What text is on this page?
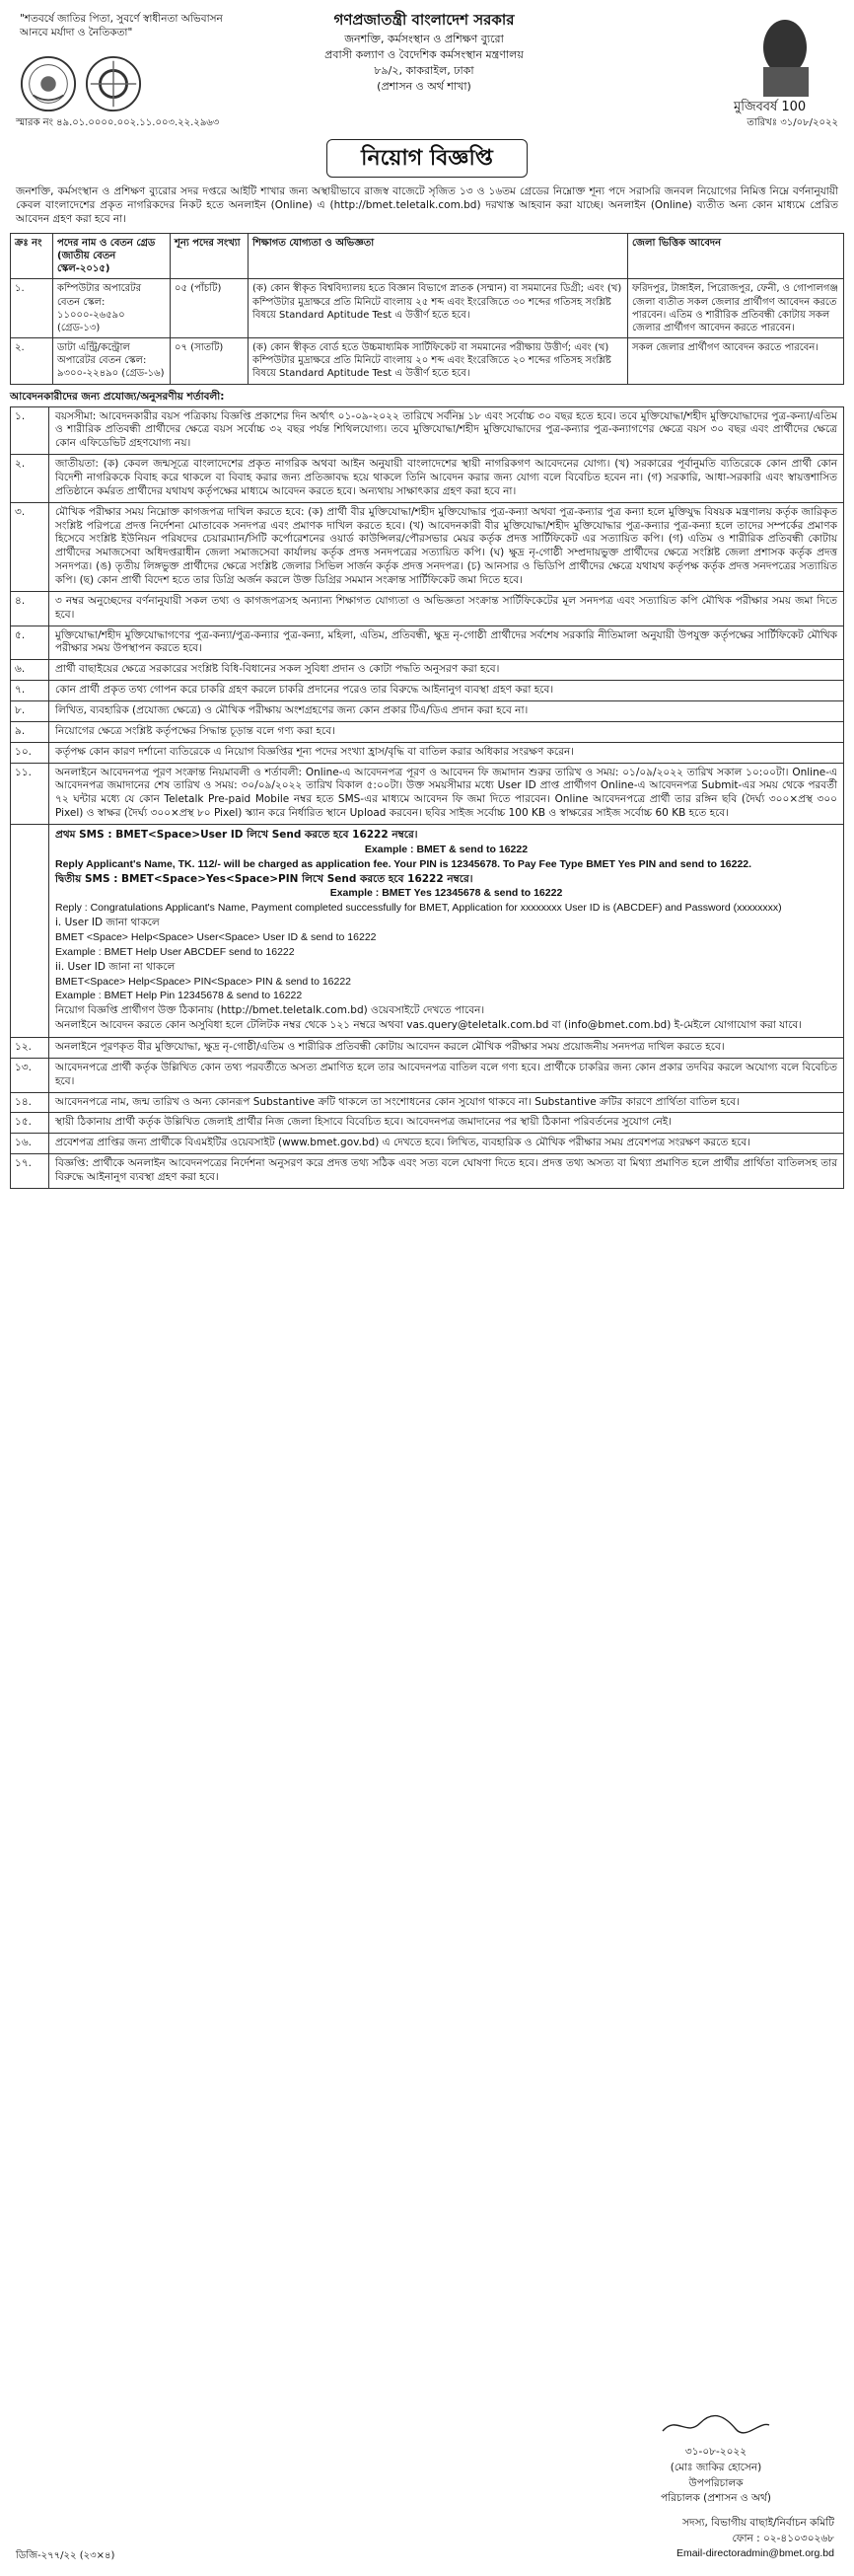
"শতবর্ষে জাতির পিতা, সুবর্ণে স্বাধীনতা অভিবাসন আনবে মর্যাদা ও নৈতিকতা"
গণপ্রজাতন্ত্রী বাংলাদেশ সরকার
জনশক্তি, কর্মসংস্থান ও প্রশিক্ষণ ব্যুরো
প্রবাসী কল্যাণ ও বৈদেশিক কর্মসংস্থান মন্ত্রণালয়
৮৯/২, কাকরাইল, ঢাকা
(প্রশাসন ও অর্থ শাখা)
মুজিববর্ষ 100
স্মারক নং ৪৯.০১.০০০০.০০২.১১.০০৩.২২.২৯৬৩	তারিখঃ ৩১/০৮/২০২২
নিয়োগ বিজ্ঞপ্তি

জনশক্তি, কর্মসংস্থান ও প্রশিক্ষণ ব্যুরোর সদর দপ্তরে আইটি শাখার জন্য অস্থায়ীভাবে রাজস্ব বাজেটে সৃজিত ১৩ ও ১৬তম গ্রেডের নিম্নোক্ত শূন্য পদে সরাসরি জনবল নিয়োগের নিমিত্ত নিম্নে বর্ণনানুযায়ী কেবল বাংলাদেশের প্রকৃত নাগরিকদের নিকট হতে অনলাইন (Online) এ (http://bmet.teletalk.com.bd) দরখাস্ত আহবান করা যাচ্ছে। অনলাইন (Online) ব্যতীত অন্য কোন মাধ্যমে প্রেরিত আবেদন গ্রহণ করা হবে না।

ক্রঃ নং	পদের নাম ও বেতন গ্রেড (জাতীয় বেতন স্কেল-২০১৫)	শূন্য পদের সংখ্যা	শিক্ষাগত যোগ্যতা ও অভিজ্ঞতা	জেলা ভিত্তিক আবেদন
১.	কম্পিউটার অপারেটর বেতন স্কেল: ১১০০০-২৬৫৯০ (গ্রেড-১৩)	০৫ (পাঁচটি)	(ক) কোন স্বীকৃত বিশ্ববিদ্যালয় হতে বিজ্ঞান বিভাগে স্নাতক (সম্মান) বা সমমানের ডিগ্রী; এবং (খ) কম্পিউটার মুদ্রাক্ষরে প্রতি মিনিটে বাংলায় ২৫ শব্দ এবং ইংরেজিতে ৩০ শব্দের গতিসহ সংশ্লিষ্ট বিষয়ে Standard Aptitude Test এ উত্তীর্ণ হতে হবে।	ফরিদপুর, টাঙ্গাইল, পিরোজপুর, ফেনী, ও গোপালগঞ্জ জেলা ব্যতীত সকল জেলার প্রার্থীগণ আবেদন করতে পারবেন। এতিম ও শারীরিক প্রতিবন্ধী কোটায় সকল জেলার প্রার্থীগণ আবেদন করতে পারবেন।
২.	ডাটা এন্ট্রি/কন্ট্রোল অপারেটর বেতন স্কেল: ৯৩০০-২২৪৯০ (গ্রেড-১৬)	০৭ (সাতটি)	(ক) কোন স্বীকৃত বোর্ড হতে উচ্চমাধ্যমিক সার্টিফিকেট বা সমমানের পরীক্ষায় উত্তীর্ণ; এবং (খ) কম্পিউটার মুদ্রাক্ষরে প্রতি মিনিটে বাংলায় ২০ শব্দ এবং ইংরেজিতে ২০ শব্দের গতিসহ সংশ্লিষ্ট বিষয়ে Standard Aptitude Test এ উত্তীর্ণ হতে হবে।	সকল জেলার প্রার্থীগণ আবেদন করতে পারবেন।
আবেদনকারীদের জন্য প্রযোজ্য/অনুসরণীয় শর্তাবলী:
১.	বয়সসীমা: আবেদনকারীর বয়স পত্রিকায় বিজ্ঞপ্তি প্রকাশের দিন অর্থাৎ ০১-০৯-২০২২ তারিখে সর্বনিম্ন ১৮ এবং সর্বোচ্চ ৩০ বছর হতে হবে। তবে মুক্তিযোদ্ধা/শহীদ মুক্তিযোদ্ধাদের পুত্র-কন্যা/এতিম ও শারীরিক প্রতিবন্ধী প্রার্থীদের ক্ষেত্রে বয়স সর্বোচ্চ ৩২ বছর পর্যন্ত শিথিলযোগ্য। তবে মুক্তিযোদ্ধা/শহীদ মুক্তিযোদ্ধাদের পুত্র-কন্যার পুত্র-কন্যাগণের ক্ষেত্রে বয়স ৩০ বছর এবং প্রার্থীদের ক্ষেত্রে কোন এফিডেভিট গ্রহণযোগ্য নয়।
২.	জাতীয়তা: (ক) কেবল জন্মসূত্রে বাংলাদেশের প্রকৃত নাগরিক অথবা আইন অনুযায়ী বাংলাদেশের স্থায়ী নাগরিকগণ আবেদনের যোগ্য। (খ) সরকারের পূর্বানুমতি ব্যতিরেকে কোন প্রার্থী কোন বিদেশী নাগরিককে বিবাহ করে থাকলে বা বিবাহ করার জন্য প্রতিজ্ঞাবদ্ধ হয়ে থাকলে তিনি আবেদন করার জন্য যোগ্য বলে বিবেচিত হবেন না। (গ) সরকারি, আধা-সরকারি এবং স্বায়ত্তশাসিত প্রতিষ্ঠানে কর্মরত প্রার্থীদের যথাযথ কর্তৃপক্ষের মাধ্যমে আবেদন করতে হবে। অন্যথায় সাক্ষাৎকার গ্রহণ করা হবে না।
৩.	মৌখিক পরীক্ষার সময় নিম্নোক্ত কাগজপত্র দাখিল করতে হবে: (ক) প্রার্থী বীর মুক্তিযোদ্ধা/শহীদ মুক্তিযোদ্ধার পুত্র-কন্যা অথবা পুত্র-কন্যার পুত্র কন্যা হলে মুক্তিযুদ্ধ বিষয়ক মন্ত্রণালয় কর্তৃক জারিকৃত সংশ্লিষ্ট পরিপত্রে প্রদত্ত নির্দেশনা মোতাবেক সনদপত্র এবং প্রমাণক দাখিল করতে হবে। (খ) আবেদনকারী বীর মুক্তিযোদ্ধা/শহীদ মুক্তিযোদ্ধার পুত্র-কন্যার পুত্র-কন্যা হলে তাদের সম্পর্কের প্রমাণক হিসেবে সংশ্লিষ্ট ইউনিয়ন পরিষদের চেয়ারম্যান/সিটি কর্পোরেশনের ওয়ার্ড কাউন্সিলর/পৌরসভার মেয়র কর্তৃক প্রদত্ত সার্টিফিকেট এর সত্যায়িত কপি। (গ) এতিম ও শারীরিক প্রতিবন্ধী কোটায় প্রার্থীদের সমাজসেবা অধিদপ্তরাধীন জেলা সমাজসেবা কার্যালয় কর্তৃক প্রদত্ত সনদপত্রের সত্যায়িত কপি। (ঘ) ক্ষুদ্র নৃ-গোষ্ঠী সম্প্রদায়ভুক্ত প্রার্থীদের ক্ষেত্রে সংশ্লিষ্ট জেলা প্রশাসক কর্তৃক প্রদত্ত সনদপত্র। (ঙ) তৃতীয় লিঙ্গভুক্ত প্রার্থীদের ক্ষেত্রে সংশ্লিষ্ট জেলার সিভিল সার্জন কর্তৃক প্রদত্ত সনদপত্র। (চ) আনসার ও ভিডিপি প্রার্থীদের ক্ষেত্রে যথাযথ কর্তৃপক্ষ কর্তৃক প্রদত্ত সনদপত্রের সত্যায়িত কপি। (ছ) কোন প্রার্থী বিদেশ হতে তার ডিগ্রি অর্জন করলে উক্ত ডিগ্রির সমমান সংক্রান্ত সার্টিফিকেট জমা দিতে হবে।
৪.	৩ নম্বর অনুচ্ছেদের বর্ণনানুযায়ী সকল তথ্য ও কাগজপত্রসহ অন্যান্য শিক্ষাগত যোগ্যতা ও অভিজ্ঞতা সংক্রান্ত সার্টিফিকেটের মূল সনদপত্র এবং সত্যায়িত কপি মৌখিক পরীক্ষার সময় জমা দিতে হবে।
৫.	মুক্তিযোদ্ধা/শহীদ মুক্তিযোদ্ধাগণের পুত্র-কন্যা/পুত্র-কন্যার পুত্র-কন্যা, মহিলা, এতিম, প্রতিবন্ধী, ক্ষুদ্র নৃ-গোষ্ঠী প্রার্থীদের সর্বশেষ সরকারি নীতিমালা অনুযায়ী উপযুক্ত কর্তৃপক্ষের সার্টিফিকেট মৌখিক পরীক্ষার সময় উপস্থাপন করতে হবে।
৬.	প্রার্থী বাছাইয়ের ক্ষেত্রে সরকারের সংশ্লিষ্ট বিধি-বিধানের সকল সুবিধা প্রদান ও কোটা পদ্ধতি অনুসরণ করা হবে।
৭.	কোন প্রার্থী প্রকৃত তথ্য গোপন করে চাকরি গ্রহণ করলে চাকরি প্রদানের পরেও তার বিরুদ্ধে আইনানুগ ব্যবস্থা গ্রহণ করা হবে।
৮.	লিখিত, ব্যবহারিক (প্রযোজ্য ক্ষেত্রে) ও মৌখিক পরীক্ষায় অংশগ্রহণের জন্য কোন প্রকার টিএ/ডিএ প্রদান করা হবে না।
৯.	নিয়োগের ক্ষেত্রে সংশ্লিষ্ট কর্তৃপক্ষের সিদ্ধান্ত চূড়ান্ত বলে গণ্য করা হবে।
১০.	কর্তৃপক্ষ কোন কারণ দর্শানো ব্যতিরেকে এ নিয়োগ বিজ্ঞপ্তির শূন্য পদের সংখ্যা হ্রাস/বৃদ্ধি বা বাতিল করার অধিকার সংরক্ষণ করেন।
১১.	অনলাইনে আবেদনপত্র পূরণ সংক্রান্ত নিয়মাবলী ও শর্তাবলী: Online-এ আবেদনপত্র পূরণ ও আবেদন ফি জমাদান শুরুর তারিখ ও সময়: ০১/০৯/২০২২ তারিখ সকাল ১০:০০টা। Online-এ আবেদনপত্র জমাদানের শেষ তারিখ ও সময়: ৩০/০৯/২০২২ তারিখ বিকাল ৫:০০টা। উক্ত সময়সীমার মধ্যে User ID প্রাপ্ত প্রার্থীগণ Online-এ আবেদনপত্র Submit-এর সময় থেকে পরবর্তী ৭২ ঘন্টার মধ্যে যে কোন Teletalk Pre-paid Mobile নম্বর হতে SMS-এর মাধ্যমে আবেদন ফি জমা দিতে পারবেন। Online আবেদনপত্রে প্রার্থী তার রঙ্গিন ছবি (দৈর্ঘ্য ৩০০×প্রস্থ ৩০০ Pixel) ও স্বাক্ষর (দৈর্ঘ্য ৩০০×প্রস্থ ৮০ Pixel) স্ক্যান করে নির্ধারিত স্থানে Upload করবেন। ছবির সাইজ সর্বোচ্চ 100 KB ও স্বাক্ষরের সাইজ সর্বোচ্চ 60 KB হতে হবে।

প্রথম SMS : BMET<Space>User ID লিখে Send করতে হবে 16222 নম্বরে।

Example : BMET & send to 16222

Reply Applicant's Name, TK. 112/- will be charged as application fee. Your PIN is 12345678. To Pay Fee Type BMET Yes PIN and send to 16222.

দ্বিতীয় SMS : BMET<Space>Yes<Space>PIN লিখে Send করতে হবে 16222 নম্বরে।

Example : BMET Yes 12345678 & send to 16222

Reply : Congratulations Applicant's Name, Payment completed successfully for BMET, Application for xxxxxxxx User ID is (ABCDEF) and Password (xxxxxxxx)

i. User ID জানা থাকলে

BMET <Space> Help<Space> User<Space> User ID & send to 16222

Example : BMET Help User ABCDEF send to 16222

ii. User ID জানা না থাকলে

BMET<Space> Help<Space> PIN<Space> PIN & send to 16222

Example : BMET Help Pin 12345678 & send to 16222

নিয়োগ বিজ্ঞপ্তি প্রার্থীগণ উক্ত ঠিকানায় (http://bmet.teletalk.com.bd) ওয়েবসাইটে দেখতে পাবেন।

অনলাইনে আবেদন করতে কোন অসুবিধা হলে টেলিটক নম্বর থেকে ১২১ নম্বরে অথবা vas.query@teletalk.com.bd বা (info@bmet.com.bd) ই-মেইলে যোগাযোগ করা যাবে।

১২.	অনলাইনে পূরণকৃত বীর মুক্তিযোদ্ধা, ক্ষুদ্র নৃ-গোষ্ঠী/এতিম ও শারীরিক প্রতিবন্ধী কোটায় আবেদন করলে মৌখিক পরীক্ষার সময় প্রয়োজনীয় সনদপত্র দাখিল করতে হবে।
১৩.	আবেদনপত্রে প্রার্থী কর্তৃক উল্লিখিত কোন তথ্য পরবর্তীতে অসত্য প্রমাণিত হলে তার আবেদনপত্র বাতিল বলে গণ্য হবে। প্রার্থীকে চাকরির জন্য কোন প্রকার তদবির করলে অযোগ্য বলে বিবেচিত হবে।
১৪.	আবেদনপত্রে নাম, জন্ম তারিখ ও অন্য কোনরূপ Substantive ক্রটি থাকলে তা সংশোধনের কোন সুযোগ থাকবে না। Substantive ক্রটির কারণে প্রার্থিতা বাতিল হবে।
১৫.	স্থায়ী ঠিকানায় প্রার্থী কর্তৃক উল্লিখিত জেলাই প্রার্থীর নিজ জেলা হিসাবে বিবেচিত হবে। আবেদনপত্র জমাদানের পর স্থায়ী ঠিকানা পরিবর্তনের সুযোগ নেই।
১৬.	প্রবেশপত্র প্রাপ্তির জন্য প্রার্থীকে বিএমইটির ওয়েবসাইট (www.bmet.gov.bd) এ দেখতে হবে। লিখিত, ব্যবহারিক ও মৌখিক পরীক্ষার সময় প্রবেশপত্র সংরক্ষণ করতে হবে।
১৭.	বিজ্ঞপ্তি: প্রার্থীকে অনলাইন আবেদনপত্রের নির্দেশনা অনুসরণ করে প্রদত্ত তথ্য সঠিক এবং সত্য বলে ঘোষণা দিতে হবে। প্রদত্ত তথ্য অসত্য বা মিথ্যা প্রমাণিত হলে প্রার্থীর প্রার্থিতা বাতিলসহ তার বিরুদ্ধে আইনানুগ ব্যবস্থা গ্রহণ করা হবে।
৩১-০৮-২০২২
(মোঃ জাকির হোসেন)
উপপরিচালক
পরিচালক (প্রশাসন ও অর্থ)
ডিজি-২৭৭/২২ (২৩×৪)
সদস্য, বিভাগীয় বাছাই/নির্বাচন কমিটি
ফোন : ০২-৪১০৩০২৬৮
Email-directoradmin@bmet.org.bd
